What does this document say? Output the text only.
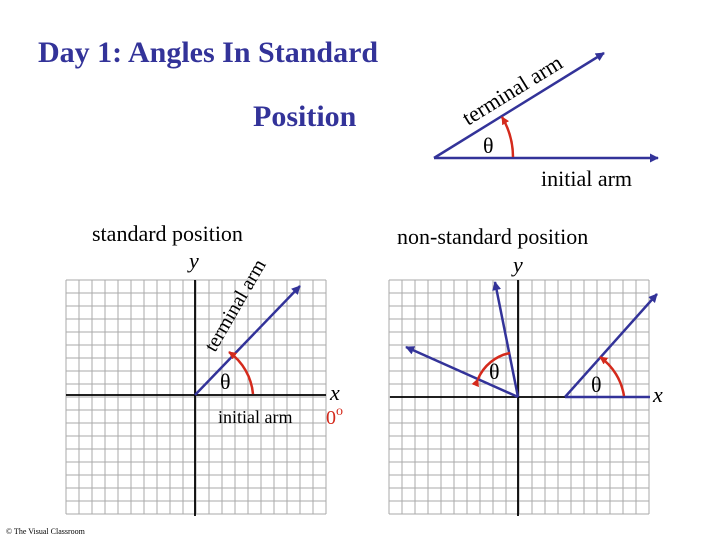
Day 1: Angles In Standard
Position
θ
initial arm
terminal arm
standard position
y
x
θ
initial arm 0$^o$
terminal arm
non-standard position
θ
θ
y
x
© The Visual Classroom
